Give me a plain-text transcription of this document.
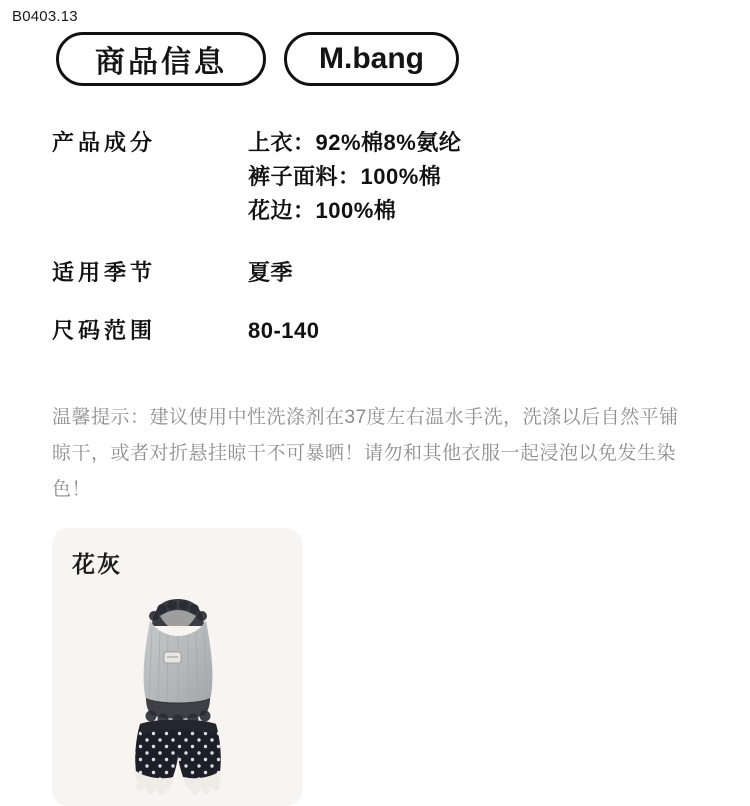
B0403.13
商品信息	M.bang
产品成分	上衣：92%棉8%氨纶
裤子面料：100%棉
花边：100%棉
适用季节	夏季
尺码范围	80-140
温馨提示：建议使用中性洗涤剂在37度左右温水手洗，洗涤以后自然平铺晾干，或者对折悬挂晾干不可暴晒！请勿和其他衣服一起浸泡以免发生染色！
花灰
